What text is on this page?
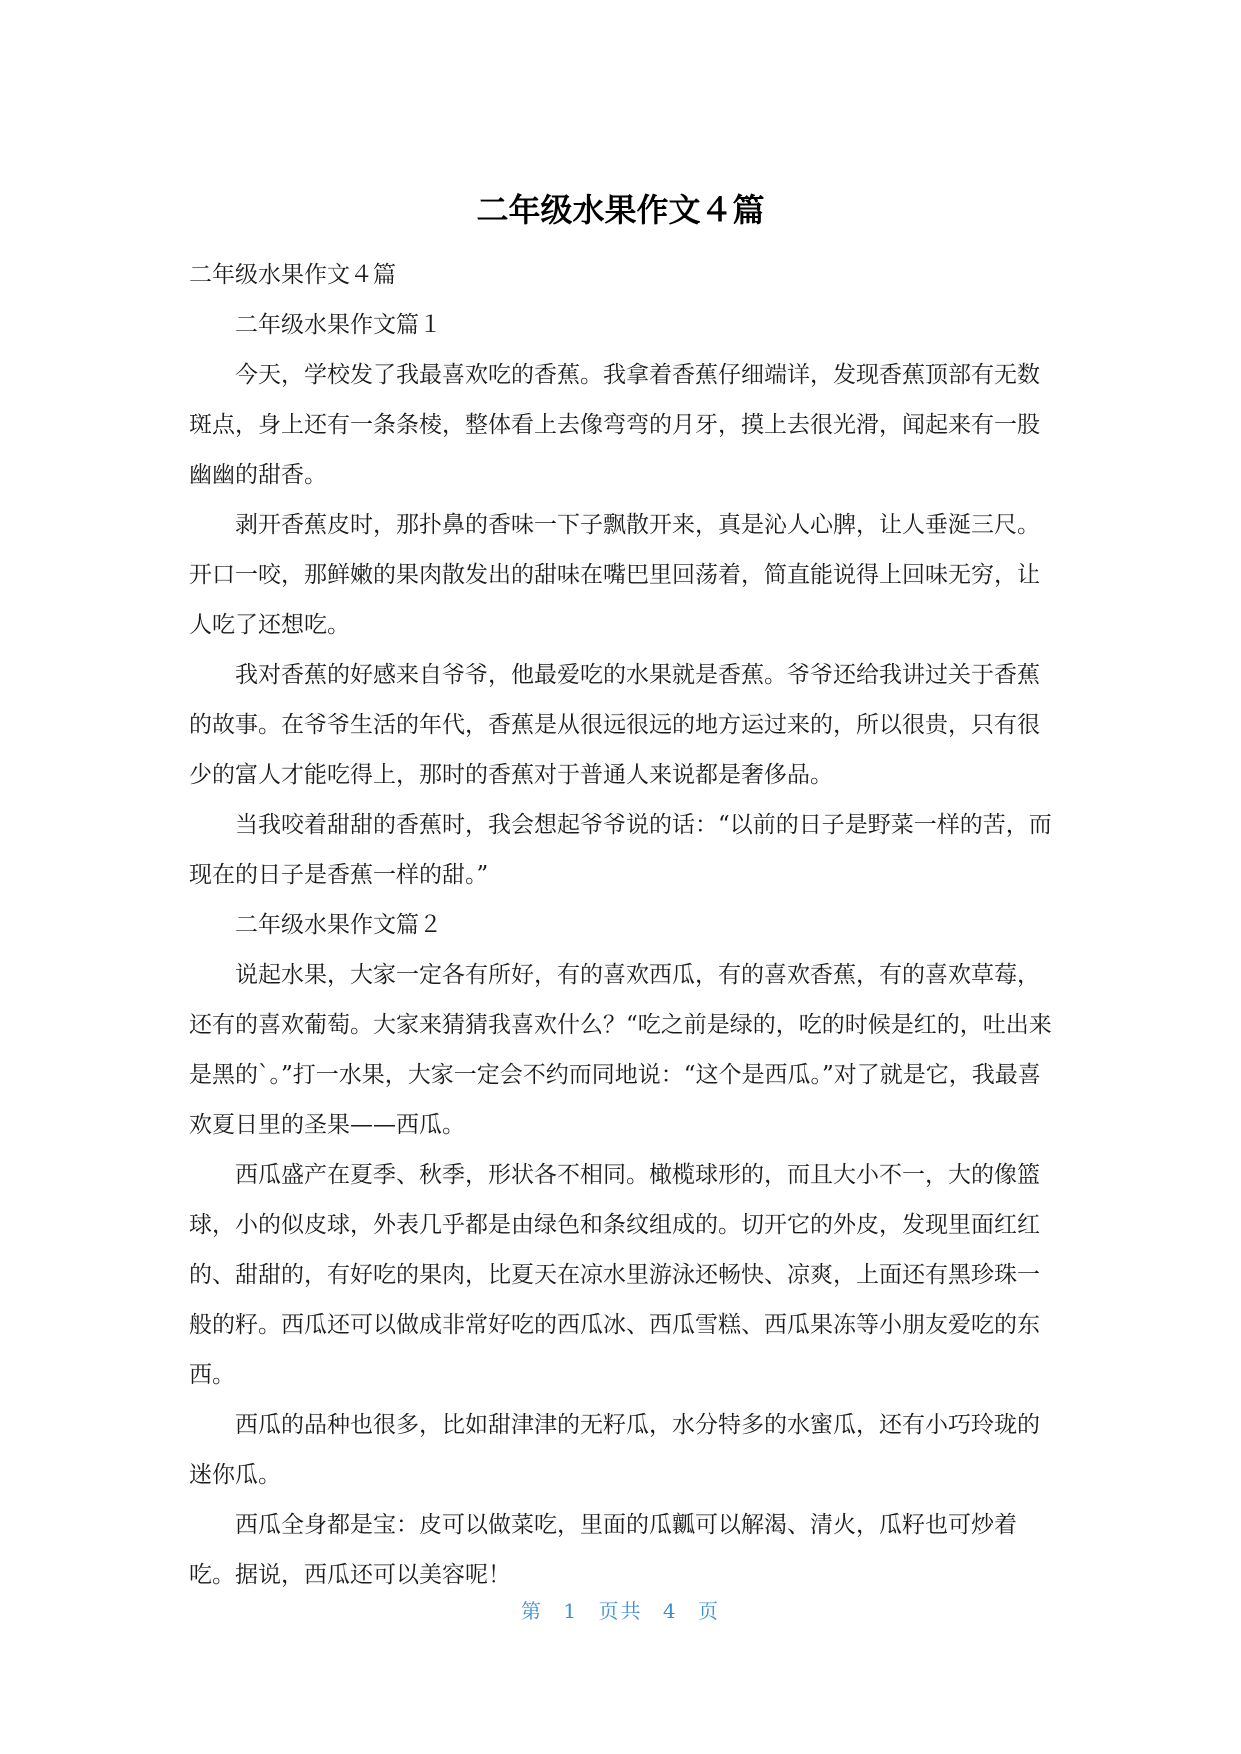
二年级水果作文４篇

二年级水果作文４篇

二年级水果作文篇１

今天，学校发了我最喜欢吃的香蕉。我拿着香蕉仔细端详，发现香蕉顶部有无数斑点，身上还有一条条棱，整体看上去像弯弯的月牙，摸上去很光滑，闻起来有一股幽幽的甜香。

剥开香蕉皮时，那扑鼻的香味一下子飘散开来，真是沁人心脾，让人垂涎三尺。开口一咬，那鲜嫩的果肉散发出的甜味在嘴巴里回荡着，简直能说得上回味无穷，让人吃了还想吃。

我对香蕉的好感来自爷爷，他最爱吃的水果就是香蕉。爷爷还给我讲过关于香蕉的故事。在爷爷生活的年代，香蕉是从很远很远的地方运过来的，所以很贵，只有很少的富人才能吃得上，那时的香蕉对于普通人来说都是奢侈品。

当我咬着甜甜的香蕉时，我会想起爷爷说的话：“以前的日子是野菜一样的苦，而现在的日子是香蕉一样的甜。”

二年级水果作文篇２

说起水果，大家一定各有所好，有的喜欢西瓜，有的喜欢香蕉，有的喜欢草莓，还有的喜欢葡萄。大家来猜猜我喜欢什么？“吃之前是绿的，吃的时候是红的，吐出来是黑的`。”打一水果，大家一定会不约而同地说：“这个是西瓜。”对了就是它，我最喜欢夏日里的圣果——西瓜。

西瓜盛产在夏季、秋季，形状各不相同。橄榄球形的，而且大小不一，大的像篮球，小的似皮球，外表几乎都是由绿色和条纹组成的。切开它的外皮，发现里面红红的、甜甜的，有好吃的果肉，比夏天在凉水里游泳还畅快、凉爽，上面还有黑珍珠一般的籽。西瓜还可以做成非常好吃的西瓜冰、西瓜雪糕、西瓜果冻等小朋友爱吃的东西。

西瓜的品种也很多，比如甜津津的无籽瓜，水分特多的水蜜瓜，还有小巧玲珑的迷你瓜。

西瓜全身都是宝：皮可以做菜吃，里面的瓜瓤可以解渴、清火，瓜籽也可炒着吃。据说，西瓜还可以美容呢！

第 1 页共 4 页
